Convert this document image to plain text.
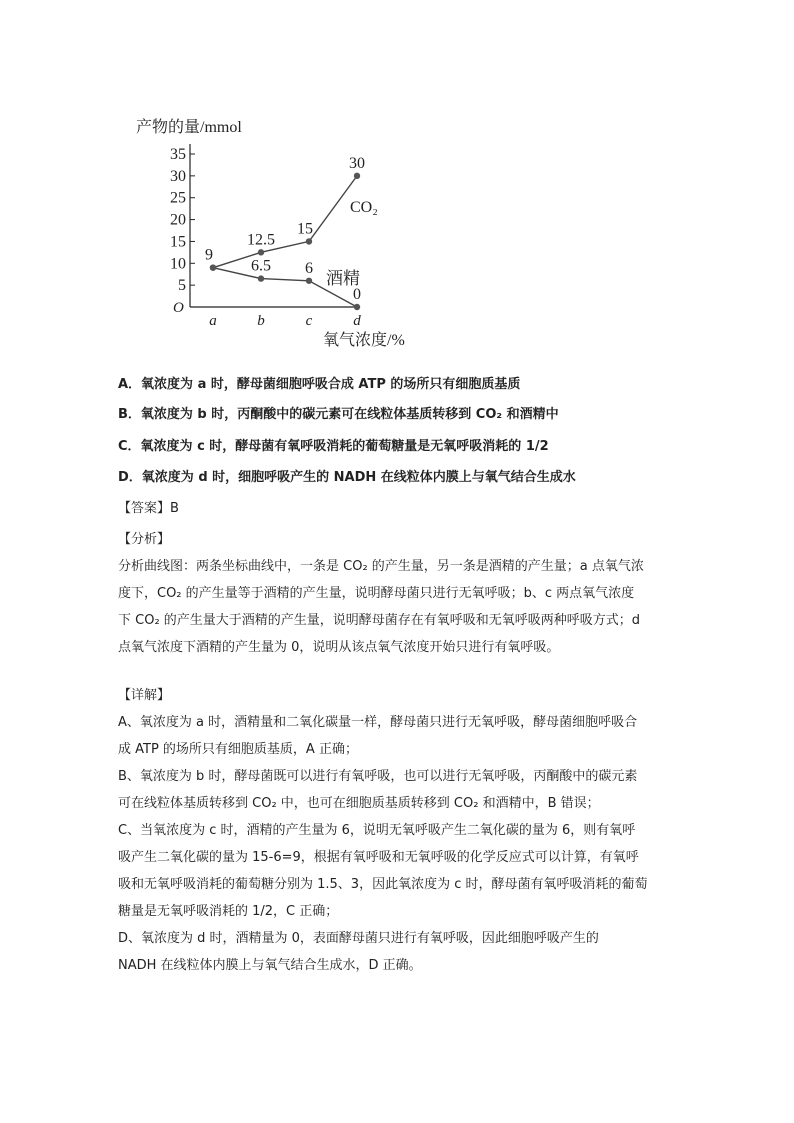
产物的量/mmol
氧气浓度/%
O
35
30
25
20
15
10
5
a	b	c	d
9
12.5
15
30
6.5 6
0
CO₂
酒精
A．氧浓度为 a 时，酵母菌细胞呼吸合成 ATP 的场所只有细胞质基质
B．氧浓度为 b 时，丙酮酸中的碳元素可在线粒体基质转移到 CO₂ 和酒精中
C．氧浓度为 c 时，酵母菌有氧呼吸消耗的葡萄糖量是无氧呼吸消耗的 1/2
D．氧浓度为 d 时，细胞呼吸产生的 NADH 在线粒体内膜上与氧气结合生成水
【答案】B
【分析】
分析曲线图：两条坐标曲线中，一条是 CO₂ 的产生量，另一条是酒精的产生量；a 点氧气浓
度下，CO₂ 的产生量等于酒精的产生量，说明酵母菌只进行无氧呼吸；b、c 两点氧气浓度
下 CO₂ 的产生量大于酒精的产生量，说明酵母菌存在有氧呼吸和无氧呼吸两种呼吸方式；d
点氧气浓度下酒精的产生量为 0，说明从该点氧气浓度开始只进行有氧呼吸。
【详解】
A、氧浓度为 a 时，酒精量和二氧化碳量一样，酵母菌只进行无氧呼吸，酵母菌细胞呼吸合
成 ATP 的场所只有细胞质基质，A 正确；
B、氧浓度为 b 时，酵母菌既可以进行有氧呼吸，也可以进行无氧呼吸，丙酮酸中的碳元素
可在线粒体基质转移到 CO₂ 中，也可在细胞质基质转移到 CO₂ 和酒精中，B 错误；
C、当氧浓度为 c 时，酒精的产生量为 6，说明无氧呼吸产生二氧化碳的量为 6，则有氧呼
吸产生二氧化碳的量为 15-6=9，根据有氧呼吸和无氧呼吸的化学反应式可以计算，有氧呼
吸和无氧呼吸消耗的葡萄糖分别为 1.5、3，因此氧浓度为 c 时，酵母菌有氧呼吸消耗的葡萄
糖量是无氧呼吸消耗的 1/2，C 正确；
D、氧浓度为 d 时，酒精量为 0，表面酵母菌只进行有氧呼吸，因此细胞呼吸产生的
NADH 在线粒体内膜上与氧气结合生成水，D 正确。
